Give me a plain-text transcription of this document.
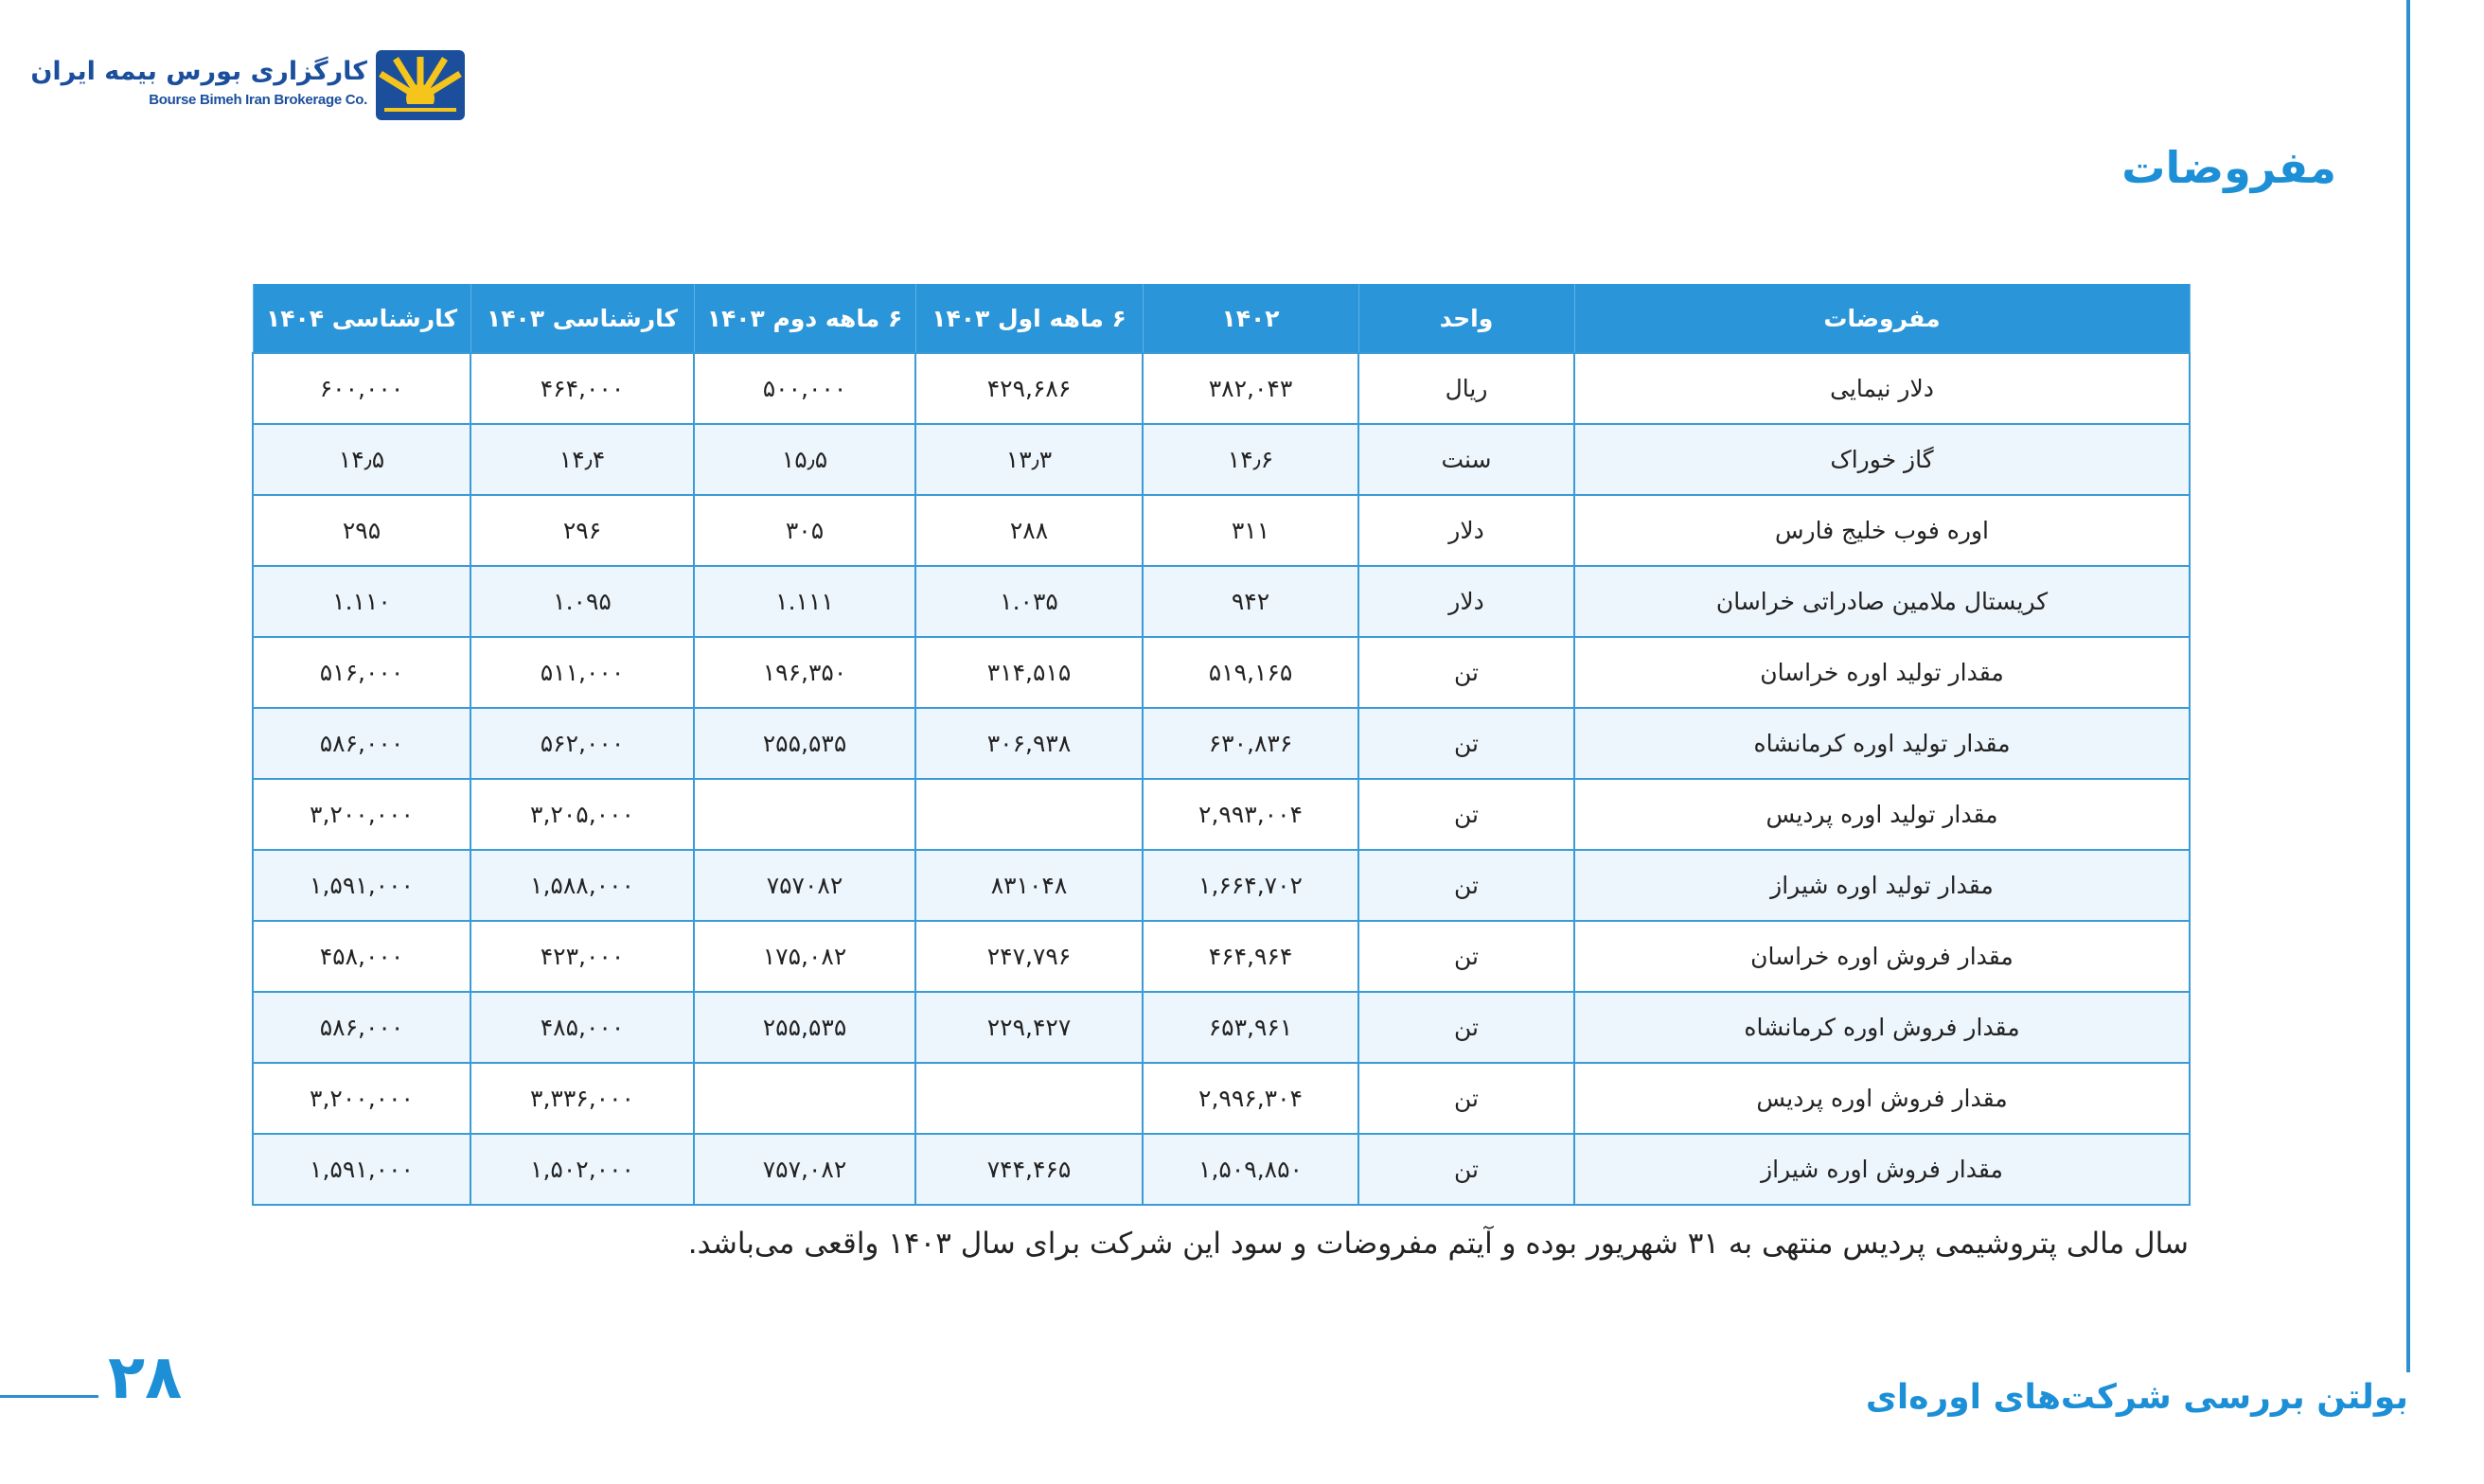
کارگزاری بورس بیمه ایران
Bourse Bimeh Iran Brokerage Co.
مفروضات
مفروضات	واحد	۱۴۰۲	۶ ماهه اول ۱۴۰۳	۶ ماهه دوم ۱۴۰۳	کارشناسی ۱۴۰۳	کارشناسی ۱۴۰۴
دلار نیمایی	ریال	۳۸۲,۰۴۳	۴۲۹,۶۸۶	۵۰۰,۰۰۰	۴۶۴,۰۰۰	۶۰۰,۰۰۰
گاز خوراک	سنت	۱۴٫۶	۱۳٫۳	۱۵٫۵	۱۴٫۴	۱۴٫۵
اوره فوب خلیج فارس	دلار	۳۱۱	۲۸۸	۳۰۵	۲۹۶	۲۹۵
کریستال ملامین صادراتی خراسان	دلار	۹۴۲	۱.۰۳۵	۱.۱۱۱	۱.۰۹۵	۱.۱۱۰
مقدار تولید اوره خراسان	تن	۵۱۹,۱۶۵	۳۱۴,۵۱۵	۱۹۶,۳۵۰	۵۱۱,۰۰۰	۵۱۶,۰۰۰
مقدار تولید اوره کرمانشاه	تن	۶۳۰,۸۳۶	۳۰۶,۹۳۸	۲۵۵,۵۳۵	۵۶۲,۰۰۰	۵۸۶,۰۰۰
مقدار تولید اوره پردیس	تن	۲,۹۹۳,۰۰۴			۳,۲۰۵,۰۰۰	۳,۲۰۰,۰۰۰
مقدار تولید اوره شیراز	تن	۱,۶۶۴,۷۰۲	۸۳۱۰۴۸	۷۵۷۰۸۲	۱,۵۸۸,۰۰۰	۱,۵۹۱,۰۰۰
مقدار فروش اوره خراسان	تن	۴۶۴,۹۶۴	۲۴۷,۷۹۶	۱۷۵,۰۸۲	۴۲۳,۰۰۰	۴۵۸,۰۰۰
مقدار فروش اوره کرمانشاه	تن	۶۵۳,۹۶۱	۲۲۹,۴۲۷	۲۵۵,۵۳۵	۴۸۵,۰۰۰	۵۸۶,۰۰۰
مقدار فروش اوره پردیس	تن	۲,۹۹۶,۳۰۴			۳,۳۳۶,۰۰۰	۳,۲۰۰,۰۰۰
مقدار فروش اوره شیراز	تن	۱,۵۰۹,۸۵۰	۷۴۴,۴۶۵	۷۵۷,۰۸۲	۱,۵۰۲,۰۰۰	۱,۵۹۱,۰۰۰

سال مالی پتروشیمی پردیس منتهی به ۳۱ شهریور بوده و آیتم مفروضات و سود این شرکت برای سال ۱۴۰۳ واقعی می‌باشد.

۲۸	بولتن بررسی شرکت‌های اوره‌ای
